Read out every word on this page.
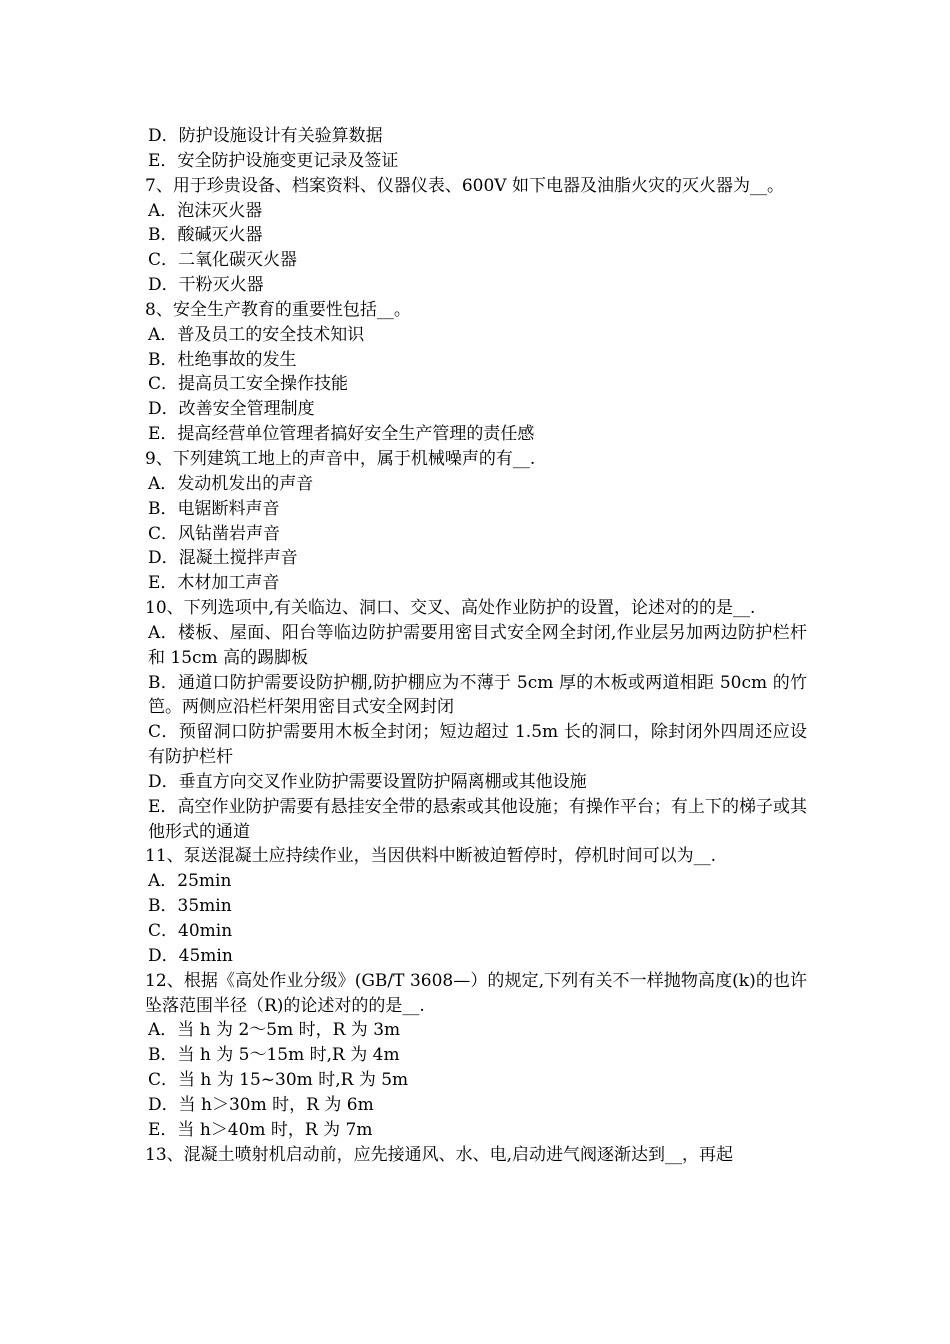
D．防护设施设计有关验算数据

E．安全防护设施变更记录及签证

7、用于珍贵设备、档案资料、仪器仪表、600V 如下电器及油脂火灾的灭火器为__。

A．泡沫灭火器

B．酸碱灭火器

C．二氧化碳灭火器

D．干粉灭火器

8、安全生产教育的重要性包括__。

A．普及员工的安全技术知识

B．杜绝事故的发生

C．提高员工安全操作技能

D．改善安全管理制度

E．提高经营单位管理者搞好安全生产管理的责任感

9、下列建筑工地上的声音中，属于机械噪声的有__.

A．发动机发出的声音

B．电锯断料声音

C．风钻凿岩声音

D．混凝土搅拌声音

E．木材加工声音

10、下列选项中,有关临边、洞口、交叉、高处作业防护的设置，论述对的的是__.

A．楼板、屋面、阳台等临边防护需要用密目式安全网全封闭,作业层另加两边防护栏杆和 15cm 高的踢脚板

B．通道口防护需要设防护棚,防护棚应为不薄于 5cm 厚的木板或两道相距 50cm 的竹笆。两侧应沿栏杆架用密目式安全网封闭

C．预留洞口防护需要用木板全封闭；短边超过 1.5m 长的洞口，除封闭外四周还应设有防护栏杆

D．垂直方向交叉作业防护需要设置防护隔离棚或其他设施

E．高空作业防护需要有悬挂安全带的悬索或其他设施；有操作平台；有上下的梯子或其他形式的通道

11、泵送混凝土应持续作业，当因供料中断被迫暂停时，停机时间可以为__.

A．25min

B．35min

C．40min

D．45min

12、根据《高处作业分级》(GB/T 3608—）的规定,下列有关不一样抛物高度(k)的也许坠落范围半径（R)的论述对的的是__.

A．当 h 为 2～5m 时，R 为 3m

B．当 h 为 5～15m 时,R 为 4m

C．当 h 为 15~30m 时,R 为 5m

D．当 h＞30m 时，R 为 6m

E．当 h＞40m 时，R 为 7m

13、混凝土喷射机启动前，应先接通风、水、电,启动进气阀逐渐达到__，再起
